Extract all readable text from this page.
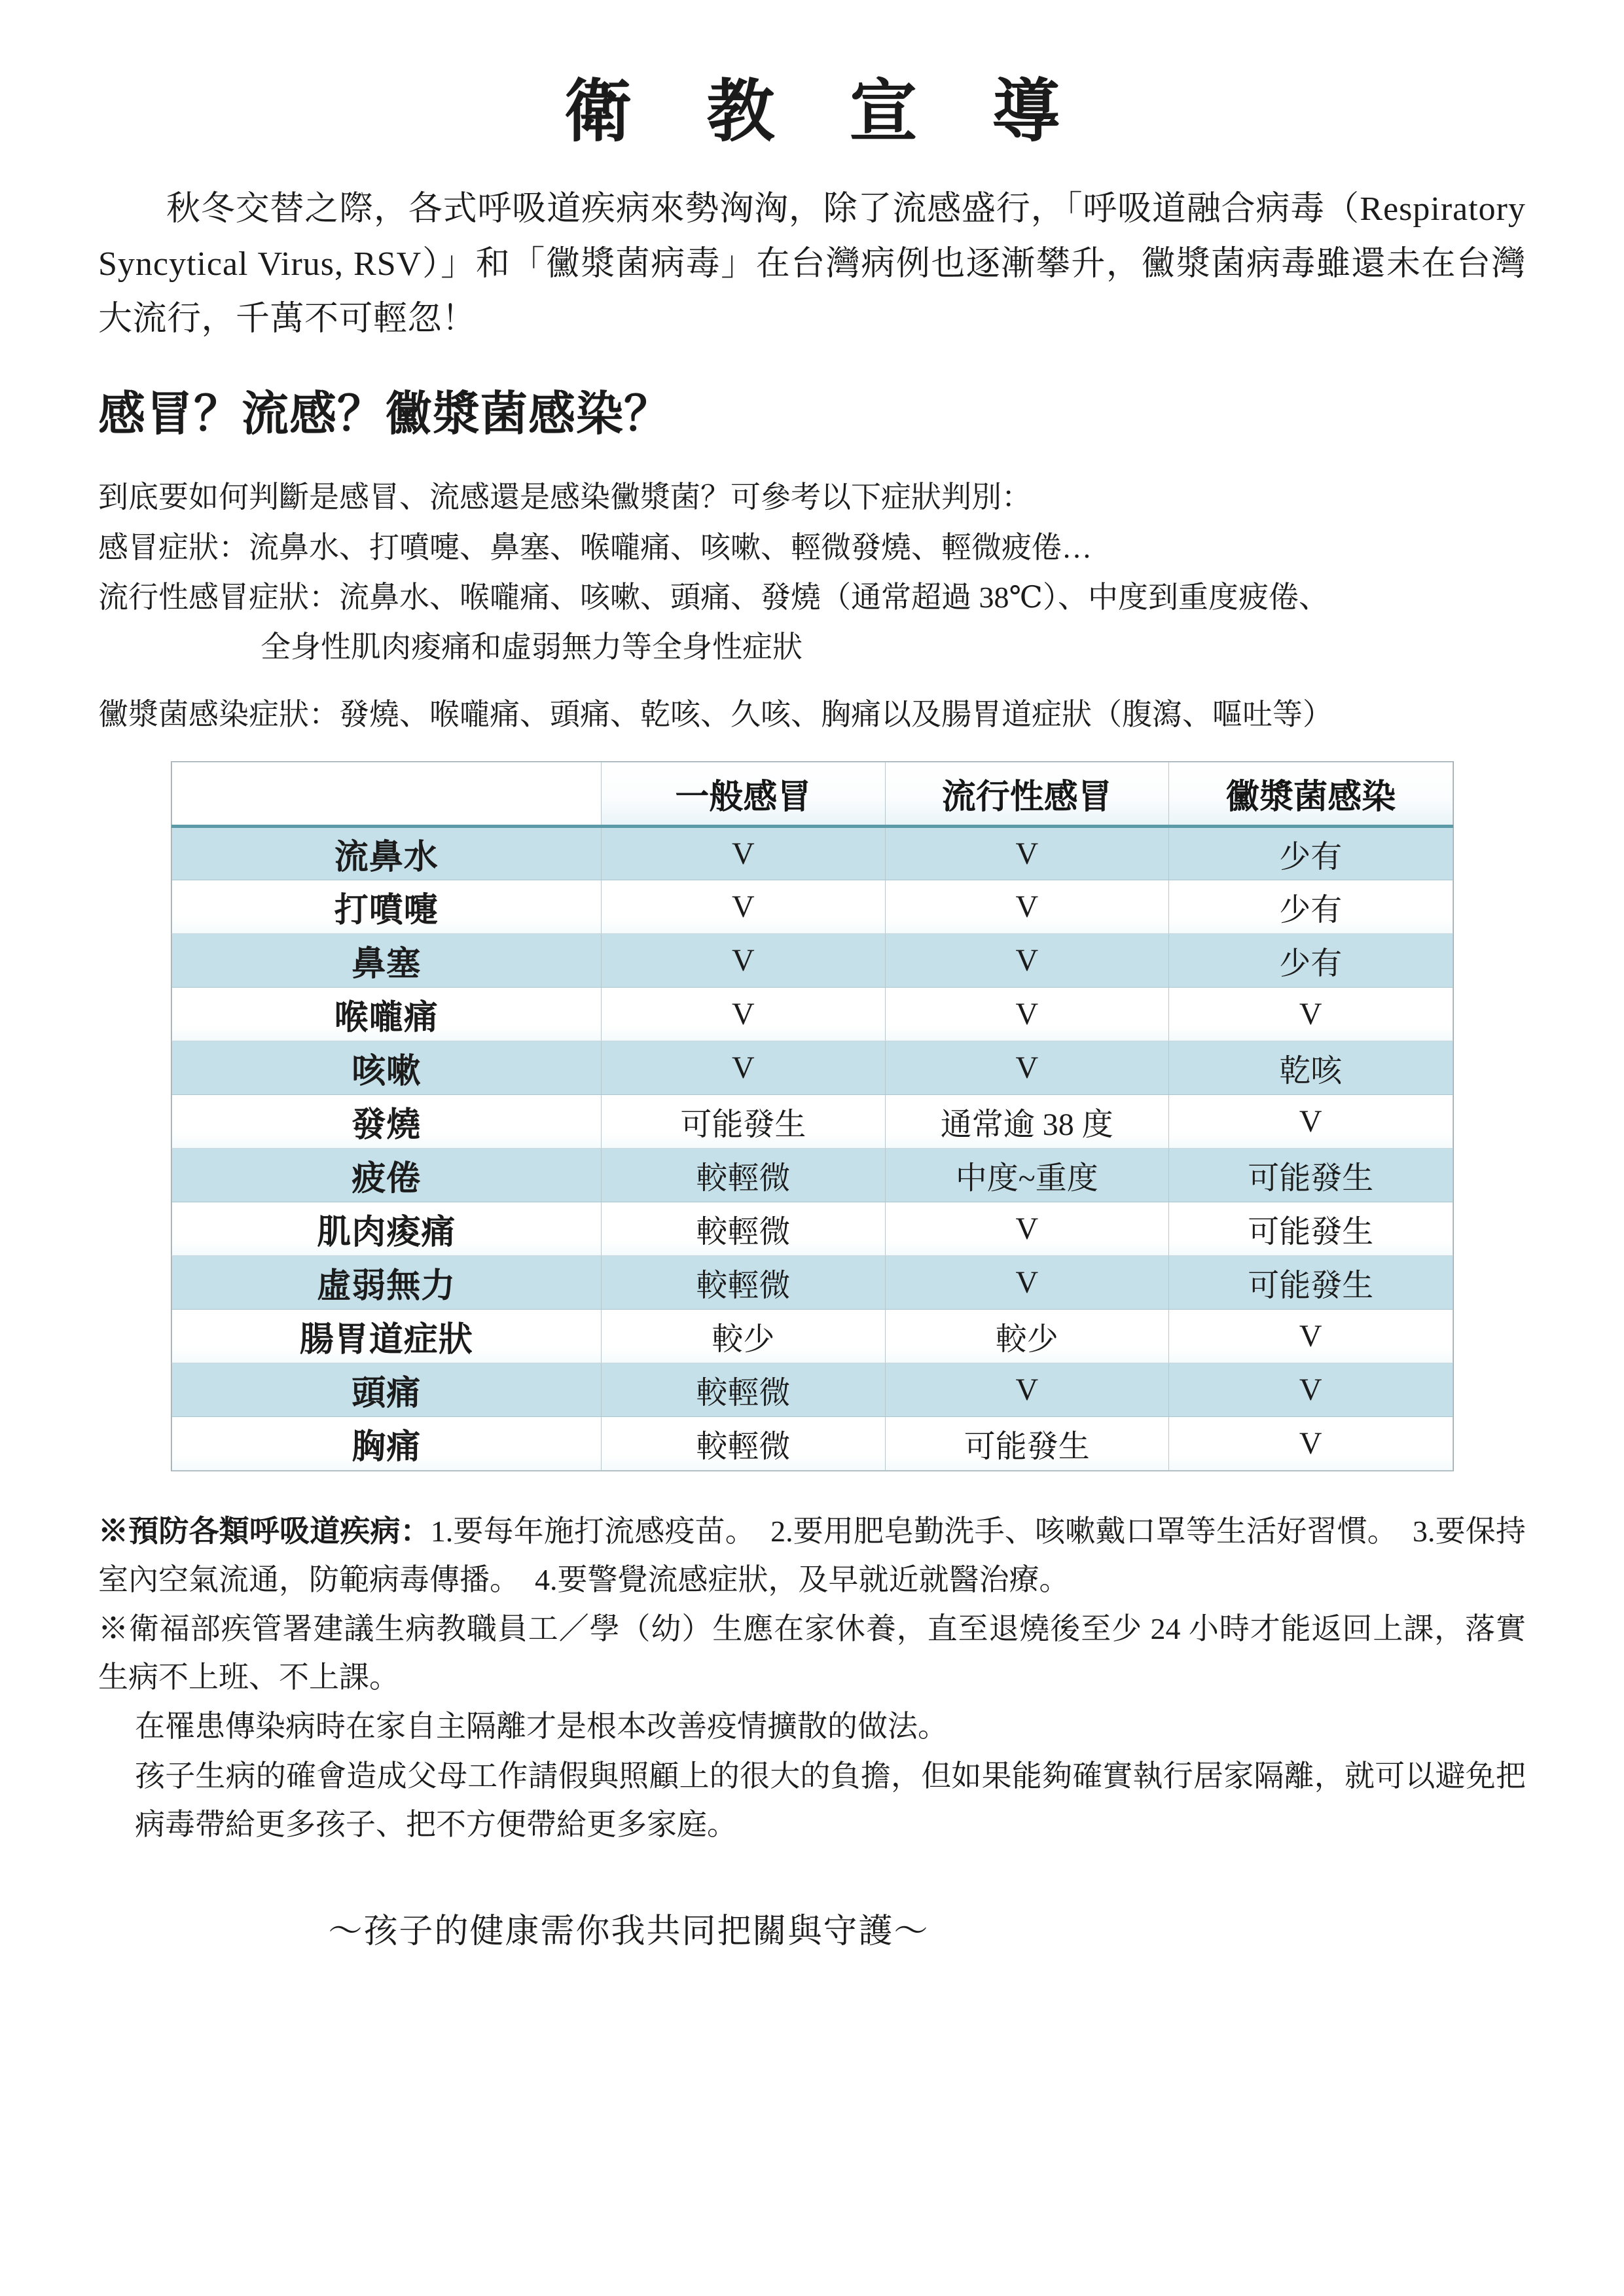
衛 教 宣 導

秋冬交替之際，各式呼吸道疾病來勢洶洶，除了流感盛行，「呼吸道融合病毒（Respiratory Syncytical Virus, RSV）」和「黴漿菌病毒」在台灣病例也逐漸攀升，黴漿菌病毒雖還未在台灣大流行，千萬不可輕忽！

感冒？流感？黴漿菌感染？
到底要如何判斷是感冒、流感還是感染黴漿菌？可參考以下症狀判別：
感冒症狀：流鼻水、打噴嚏、鼻塞、喉嚨痛、咳嗽、輕微發燒、輕微疲倦…
流行性感冒症狀：流鼻水、喉嚨痛、咳嗽、頭痛、發燒（通常超過 38℃）、中度到重度疲倦、
全身性肌肉痠痛和虛弱無力等全身性症狀
黴漿菌感染症狀：發燒、喉嚨痛、頭痛、乾咳、久咳、胸痛以及腸胃道症狀（腹瀉、嘔吐等）
	一般感冒	流行性感冒	黴漿菌感染
流鼻水	V	V	少有
打噴嚏	V	V	少有
鼻塞	V	V	少有
喉嚨痛	V	V	V
咳嗽	V	V	乾咳
發燒	可能發生	通常逾 38 度	V
疲倦	較輕微	中度~重度	可能發生
肌肉痠痛	較輕微	V	可能發生
虛弱無力	較輕微	V	可能發生
腸胃道症狀	較少	較少	V
頭痛	較輕微	V	V
胸痛	較輕微	可能發生	V
※預防各類呼吸道疾病：1.要每年施打流感疫苗。　2.要用肥皂勤洗手、咳嗽戴口罩等生活好習慣。　3.要保持室內空氣流通，防範病毒傳播。　4.要警覺流感症狀，及早就近就醫治療。
※衛福部疾管署建議生病教職員工／學（幼）生應在家休養，直至退燒後至少 24 小時才能返回上課，落實生病不上班、不上課。
在罹患傳染病時在家自主隔離才是根本改善疫情擴散的做法。
孩子生病的確會造成父母工作請假與照顧上的很大的負擔，但如果能夠確實執行居家隔離，就可以避免把病毒帶給更多孩子、把不方便帶給更多家庭。
～孩子的健康需你我共同把關與守護～
